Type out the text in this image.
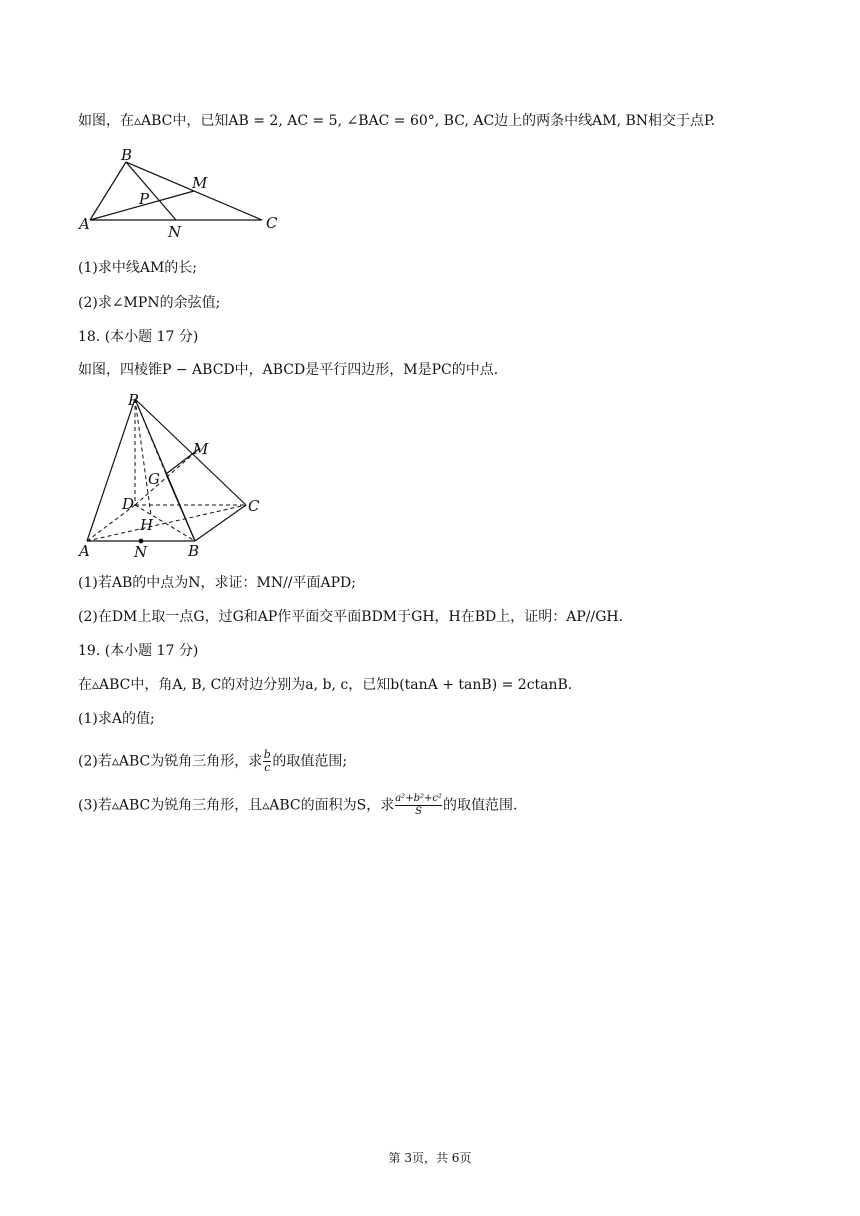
如图，在▵ABC中，已知AB = 2, AC = 5, ∠BAC = 60°, BC, AC边上的两条中线AM, BN相交于点P.
A
B
C
M
N
P
(1)求中线AM的长;
(2)求∠MPN的余弦值;
18. (本小题 17 分)
如图，四棱锥P − ABCD中，ABCD是平行四边形，M是PC的中点.
P
M
G
D	C
H
A	N	B
(1)若AB的中点为N，求证：MN//平面APD;
(2)在DM上取一点G，过G和AP作平面交平面BDM于GH，H在BD上，证明：AP//GH.
19. (本小题 17 分)
在▵ABC中，角A, B, C的对边分别为a, b, c，已知b(tanA + tanB) = 2ctanB.
(1)求A的值;
(2)若▵ABC为锐角三角形，求 $\frac{b}{c}$ 的取值范围;
(3)若▵ABC为锐角三角形，且▵ABC的面积为S，求 $\frac{\text{a²+b²+c²}}{S}$ 的取值范围.
第 3页，共 6页
